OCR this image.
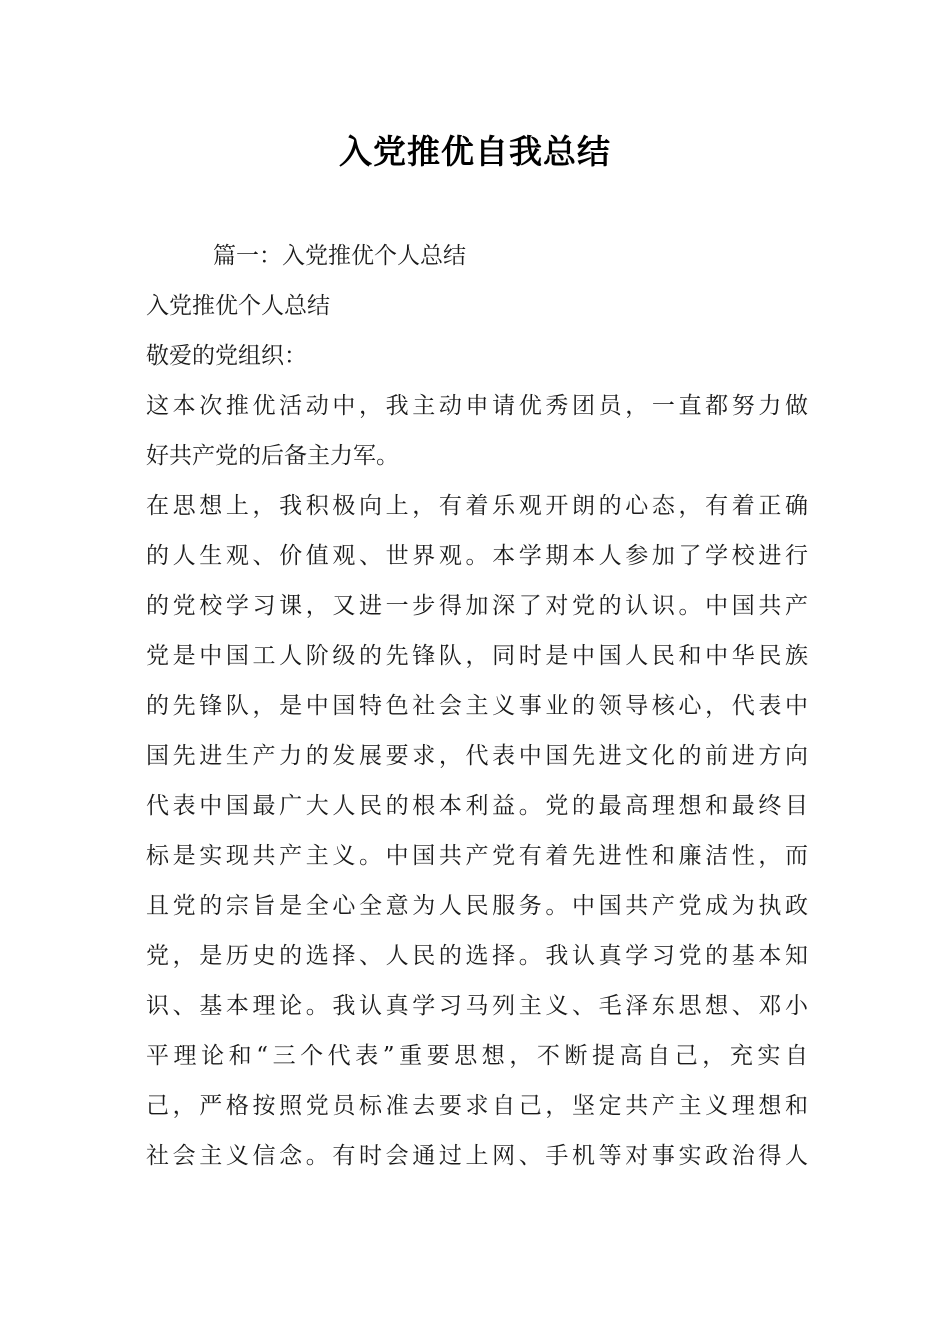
入党推优自我总结
篇一：入党推优个人总结
入党推优个人总结
敬爱的党组织：
这本次推优活动中，我主动申请优秀团员，一直都努力做
好共产党的后备主力军。
在思想上，我积极向上，有着乐观开朗的心态，有着正确
的人生观、价值观、世界观。本学期本人参加了学校进行
的党校学习课，又进一步得加深了对党的认识。中国共产
党是中国工人阶级的先锋队，同时是中国人民和中华民族
的先锋队，是中国特色社会主义事业的领导核心，代表中
国先进生产力的发展要求，代表中国先进文化的前进方向
代表中国最广大人民的根本利益。党的最高理想和最终目
标是实现共产主义。中国共产党有着先进性和廉洁性，而
且党的宗旨是全心全意为人民服务。中国共产党成为执政
党，是历史的选择、人民的选择。我认真学习党的基本知
识、基本理论。我认真学习马列主义、毛泽东思想、邓小
平理论和“三个代表”重要思想，不断提高自己，充实自
己，严格按照党员标准去要求自己，坚定共产主义理想和
社会主义信念。有时会通过上网、手机等对事实政治得人
